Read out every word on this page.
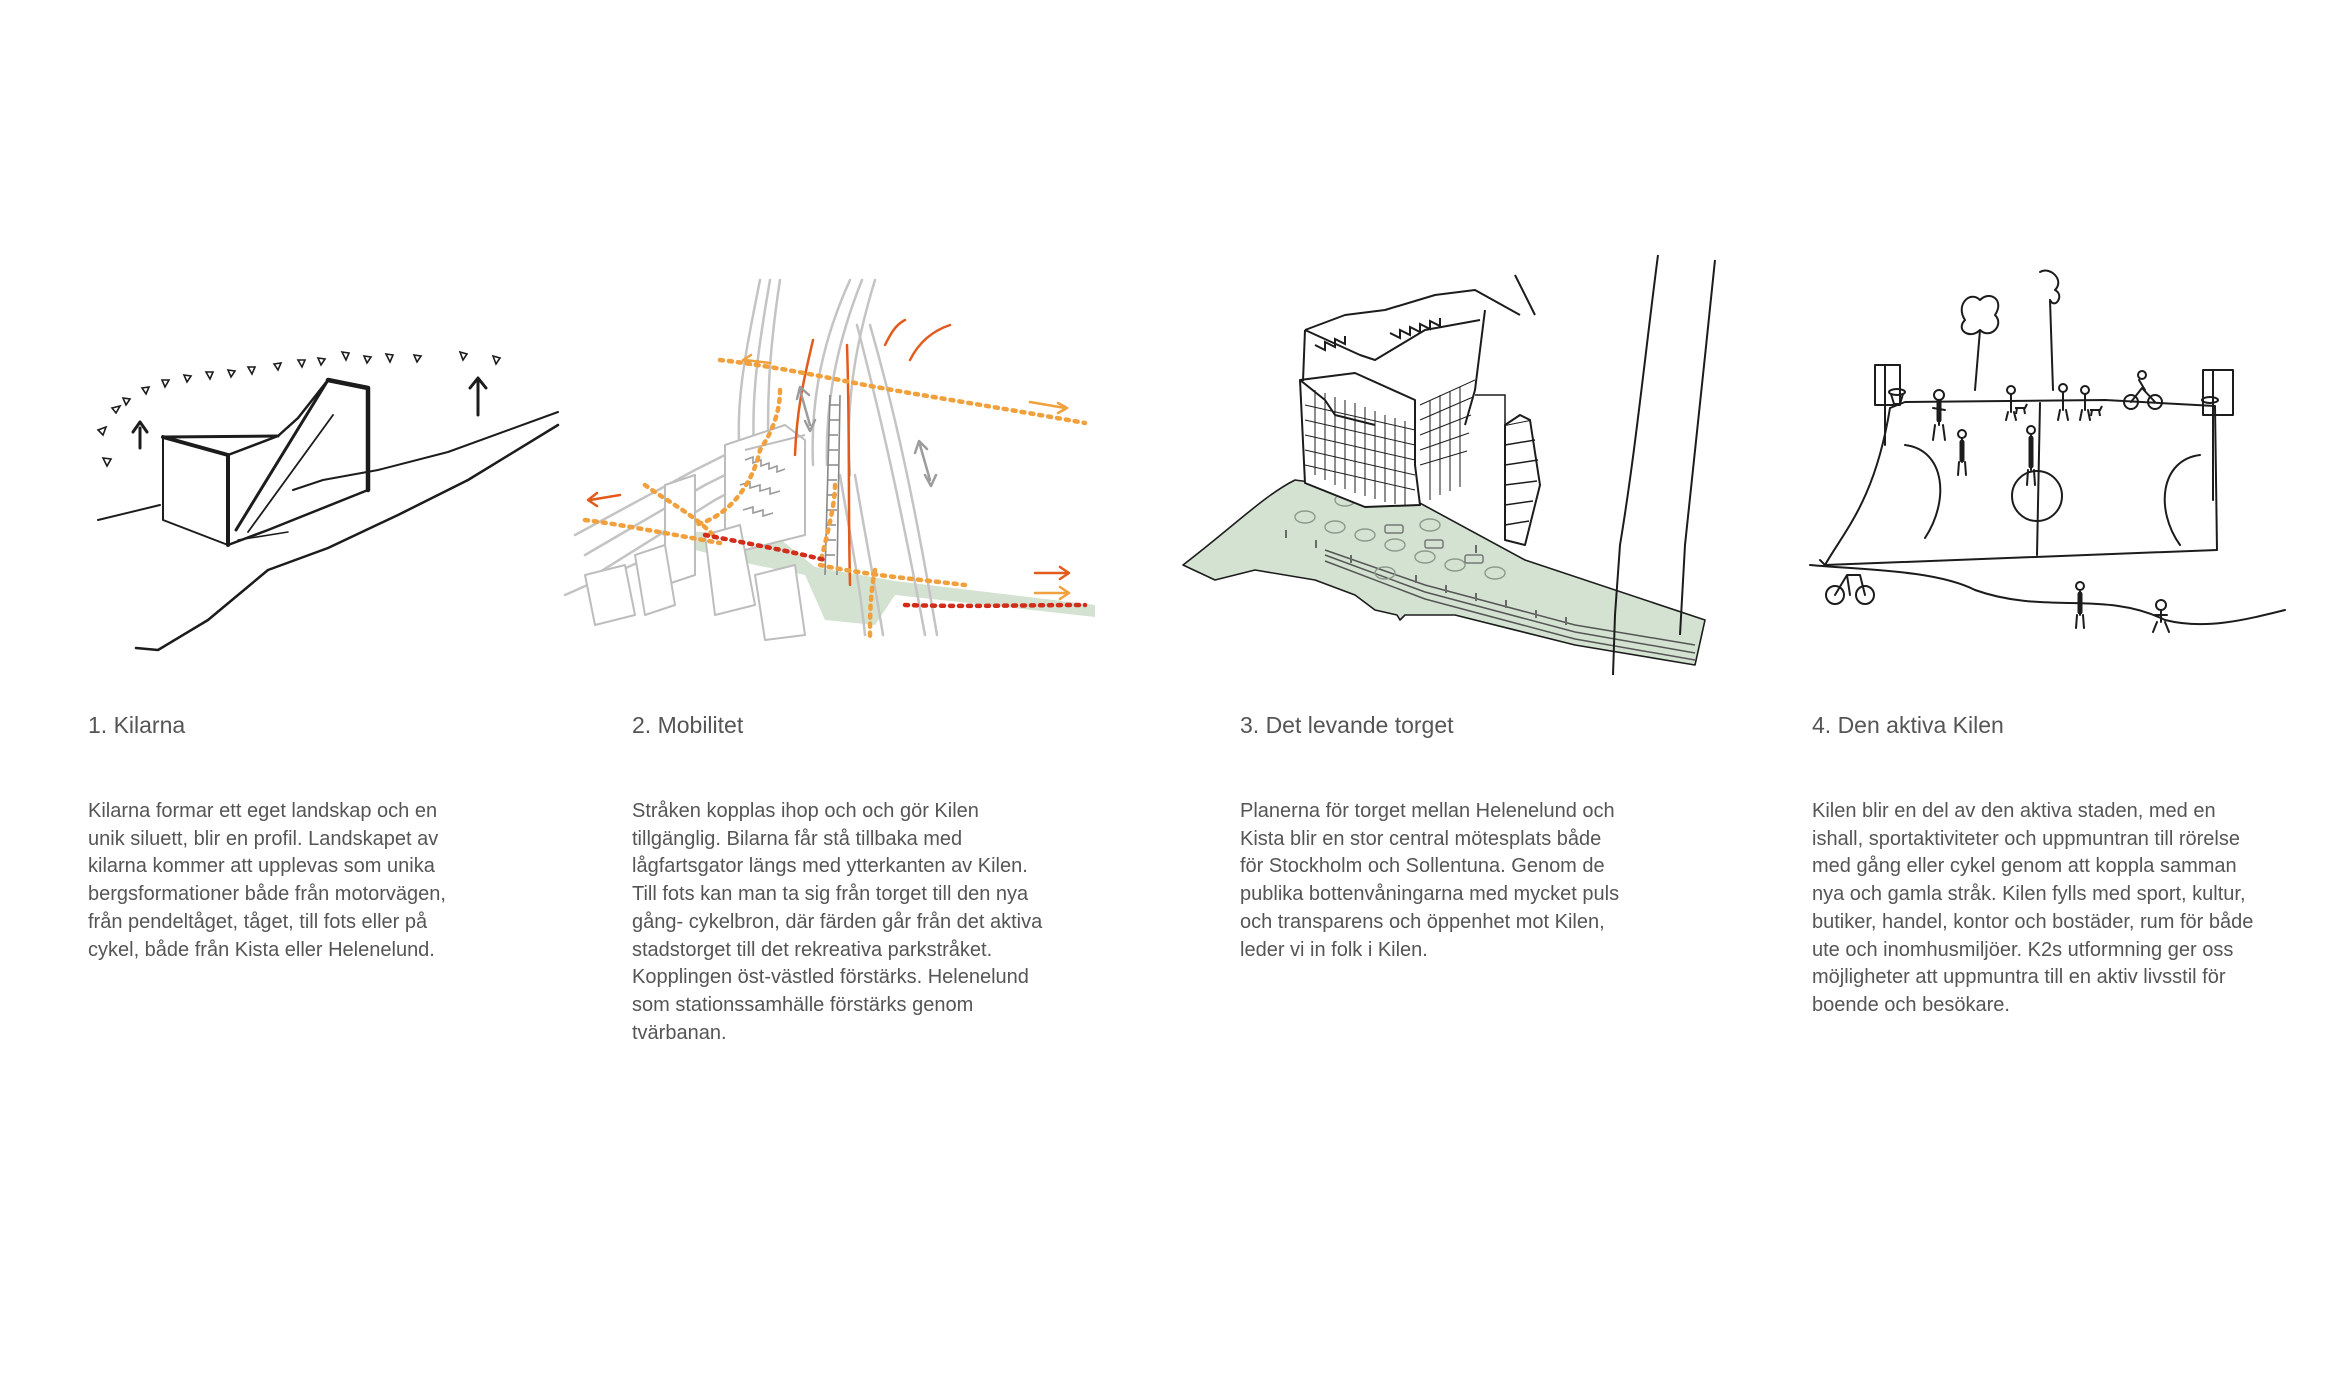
1. Kilarna

Kilarna formar ett eget landskap och en
unik siluett, blir en profil. Landskapet av
kilarna kommer att upplevas som unika
bergsformationer både från motorvägen,
från pendeltåget, tåget, till fots eller på
cykel, både från Kista eller Helenelund.

2. Mobilitet

Stråken kopplas ihop och och gör Kilen
tillgänglig. Bilarna får stå tillbaka med
lågfartsgator längs med ytterkanten av Kilen.
Till fots kan man ta sig från torget till den nya
gång- cykelbron, där färden går från det aktiva
stadstorget till det rekreativa parkstråket.
Kopplingen öst-västled förstärks. Helenelund
som stationssamhälle förstärks genom
tvärbanan.

3. Det levande torget

Planerna för torget mellan Helenelund och
Kista blir en stor central mötesplats både
för Stockholm och Sollentuna. Genom de
publika bottenvåningarna med mycket puls
och transparens och öppenhet mot Kilen,
leder vi in folk i Kilen.

4. Den aktiva Kilen

Kilen blir en del av den aktiva staden, med en
ishall, sportaktiviteter och uppmuntran till rörelse
med gång eller cykel genom att koppla samman
nya och gamla stråk. Kilen fylls med sport, kultur,
butiker, handel, kontor och bostäder, rum för både
ute och inomhusmiljöer. K2s utformning ger oss
möjligheter att uppmuntra till en aktiv livsstil för
boende och besökare.
